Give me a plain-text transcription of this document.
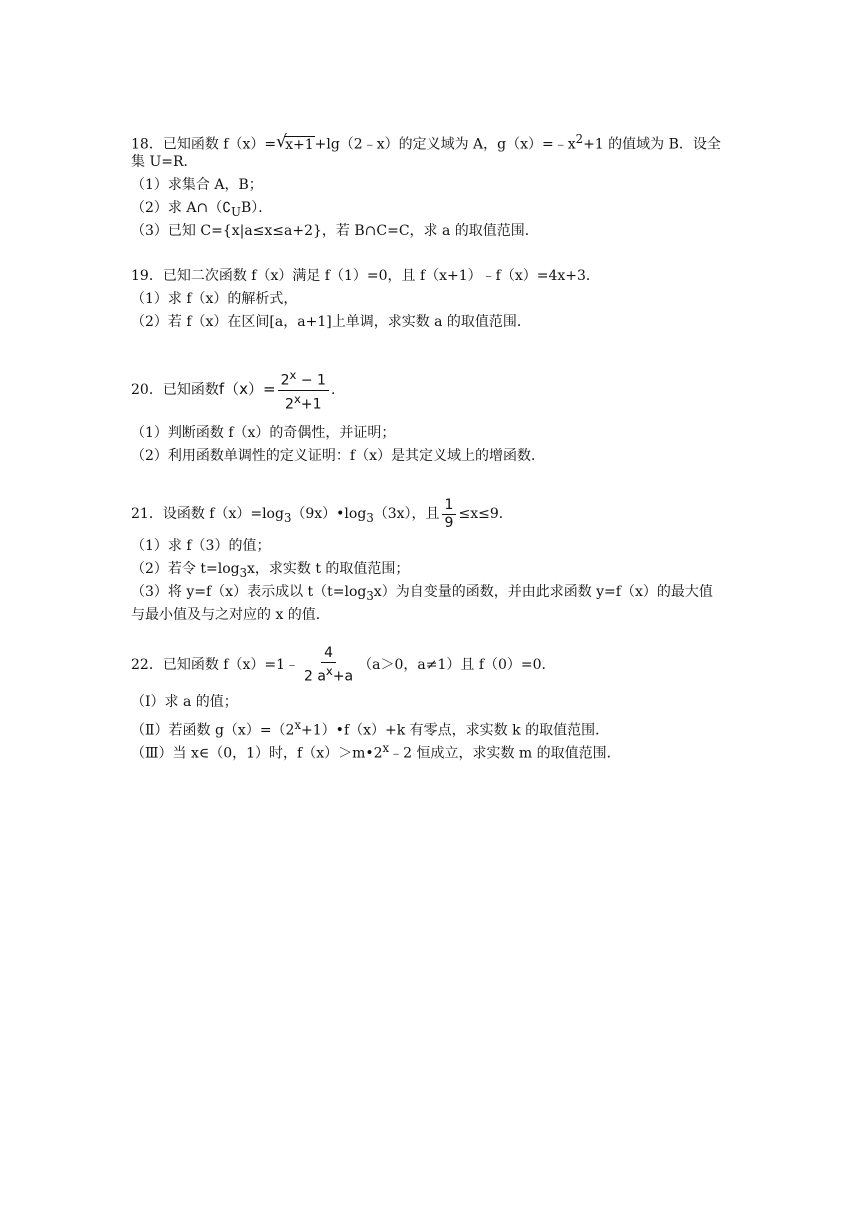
18．已知函数 f（x）= √
x+1+lg（2﹣x）的定义域为 A，$g(x)=﹣x^2+1$ 的值域为 B．设全
集 U=R．
（1）求集合 A，B；
（2）求 $A\cap(∁_UB)$．
（3）已知 C={x|a≤x≤a+2}，若 B∩C=C，求 a 的取值范围．
19．已知二次函数 f（x）满足 f（1）=0，且 f（x+1）﹣f（x）=4x+3．
（1）求 f（x）的解析式，
（2）若 f（x）在区间[a，a+1]上单调，求实数 a 的取值范围．
20．已知函数$f(x)= \frac{2^x - 1}{2^x+1}$ .
（1）判断函数 f（x）的奇偶性，并证明；
（2）利用函数单调性的定义证明：f（x）是其定义域上的增函数．
21．设函数 $f(x)=\log_3(9x)•\log_3(3x)$，且 $\frac{1}{9} \le x\le 9$．
（1）求 f（3）的值；
（2）若令 $t=\log_3x$，求实数 t 的取值范围；
（3）将 y=f（x）表示成以 $t(t=\log_3x)$为自变量的函数，并由此求函数 y=f（x）的最大值
与最小值及与之对应的 x 的值．
22．已知函数 f（x）=1﹣ $\frac{4}{2 a^x+a} (a>0$，a≠1）且 f（0）=0．
（Ⅰ）求 a 的值；
（Ⅱ）若函数 $g(x)=(2^x+1)•f(x)+k$ 有零点，求实数 k 的取值范围．
（Ⅲ）当 x∈（0，1）时，$f(x)>m•2^x﹣2$ 恒成立，求实数 m 的取值范围．
